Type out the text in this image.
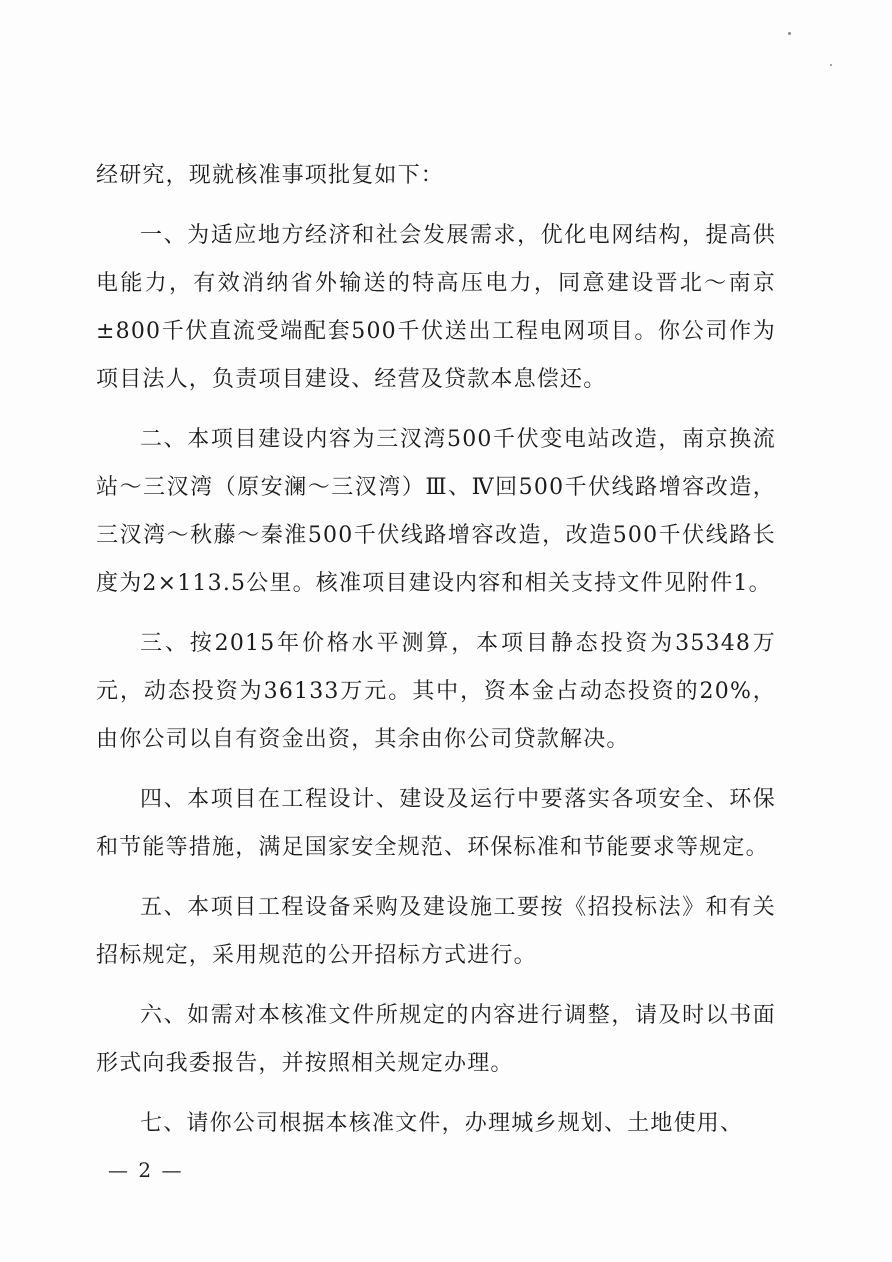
经研究，现就核准事项批复如下：

一、为适应地方经济和社会发展需求，优化电网结构，提高供电能力，有效消纳省外输送的特高压电力，同意建设晋北～南京±800千伏直流受端配套500千伏送出工程电网项目。你公司作为项目法人，负责项目建设、经营及贷款本息偿还。

二、本项目建设内容为三汊湾500千伏变电站改造，南京换流站～三汊湾（原安澜～三汊湾）Ⅲ、Ⅳ回500千伏线路增容改造，三汊湾～秋藤～秦淮500千伏线路增容改造，改造500千伏线路长度为2×113.5公里。核准项目建设内容和相关支持文件见附件1。

三、按2015年价格水平测算，本项目静态投资为35348万元，动态投资为36133万元。其中，资本金占动态投资的20%，由你公司以自有资金出资，其余由你公司贷款解决。

四、本项目在工程设计、建设及运行中要落实各项安全、环保和节能等措施，满足国家安全规范、环保标准和节能要求等规定。

五、本项目工程设备采购及建设施工要按《招投标法》和有关招标规定，采用规范的公开招标方式进行。

六、如需对本核准文件所规定的内容进行调整，请及时以书面形式向我委报告，并按照相关规定办理。

七、请你公司根据本核准文件，办理城乡规划、土地使用、

— 2 —
